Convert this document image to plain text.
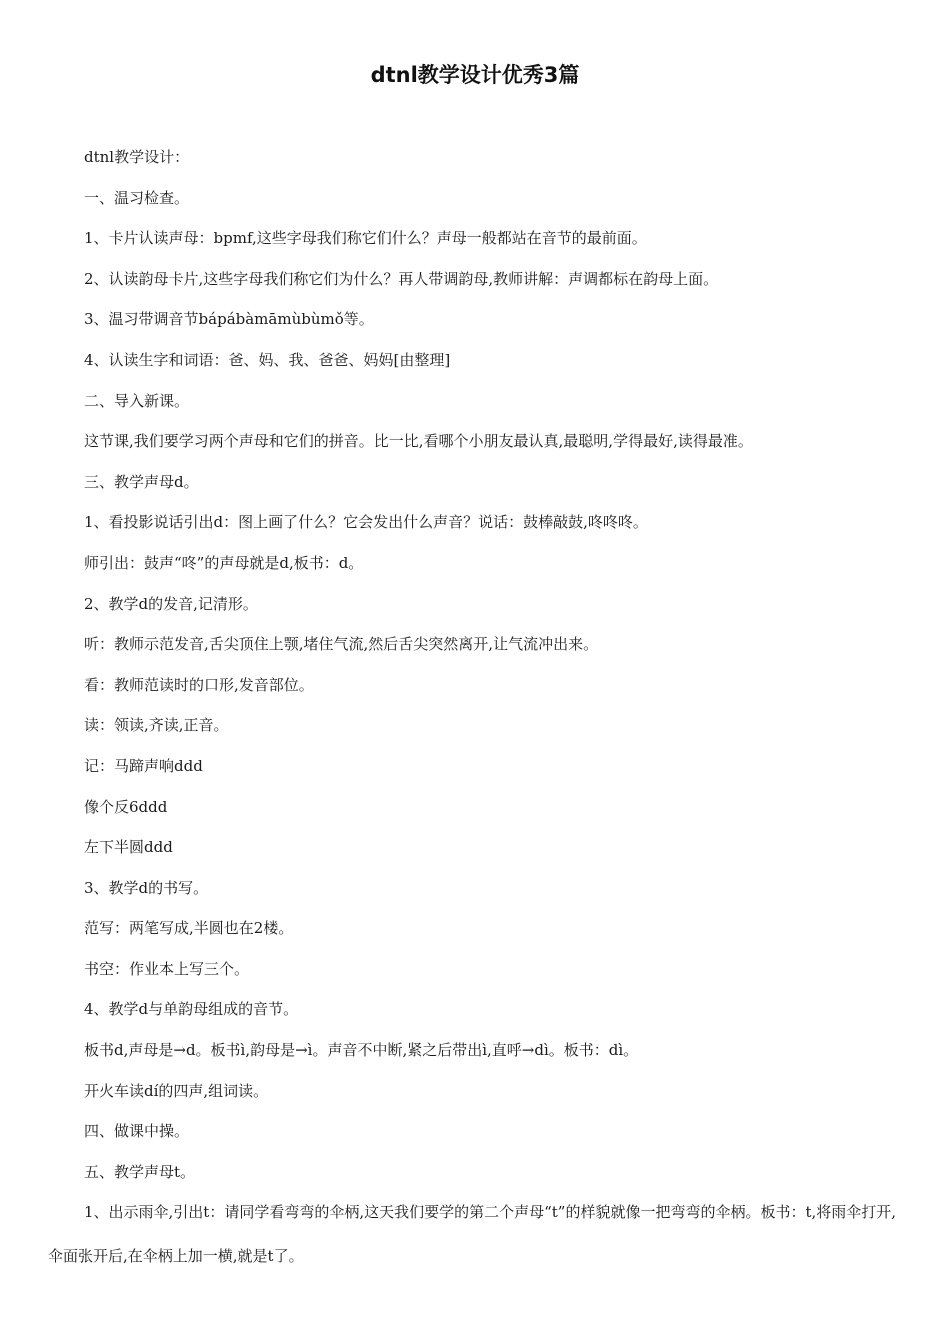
dtnl教学设计优秀3篇

dtnl教学设计：

一、温习检查。

1、卡片认读声母：bpmf,这些字母我们称它们什么？声母一般都站在音节的最前面。

2、认读韵母卡片,这些字母我们称它们为什么？再人带调韵母,教师讲解：声调都标在韵母上面。

3、温习带调音节bápábàmāmùbùmǒ等。

4、认读生字和词语：爸、妈、我、爸爸、妈妈[由整理]

二、导入新课。

这节课,我们要学习两个声母和它们的拼音。比一比,看哪个小朋友最认真,最聪明,学得最好,读得最准。

三、教学声母d。

1、看投影说话引出d：图上画了什么？它会发出什么声音？说话：鼓棒敲鼓,咚咚咚。

师引出：鼓声“咚”的声母就是d,板书：d。

2、教学d的发音,记清形。

听：教师示范发音,舌尖顶住上颚,堵住气流,然后舌尖突然离开,让气流冲出来。

看：教师范读时的口形,发音部位。

读：领读,齐读,正音。

记：马蹄声响ddd

像个反6ddd

左下半圆ddd

3、教学d的书写。

范写：两笔写成,半圆也在2楼。

书空：作业本上写三个。

4、教学d与单韵母组成的音节。

板书d,声母是→d。板书ì,韵母是→ì。声音不中断,紧之后带出ì,直呼→dì。板书：dì。

开火车读dí的四声,组词读。

四、做课中操。

五、教学声母t。

1、出示雨伞,引出t：请同学看弯弯的伞柄,这天我们要学的第二个声母“t”的样貌就像一把弯弯的伞柄。板书：t,将雨伞打开,伞面张开后,在伞柄上加一横,就是t了。
